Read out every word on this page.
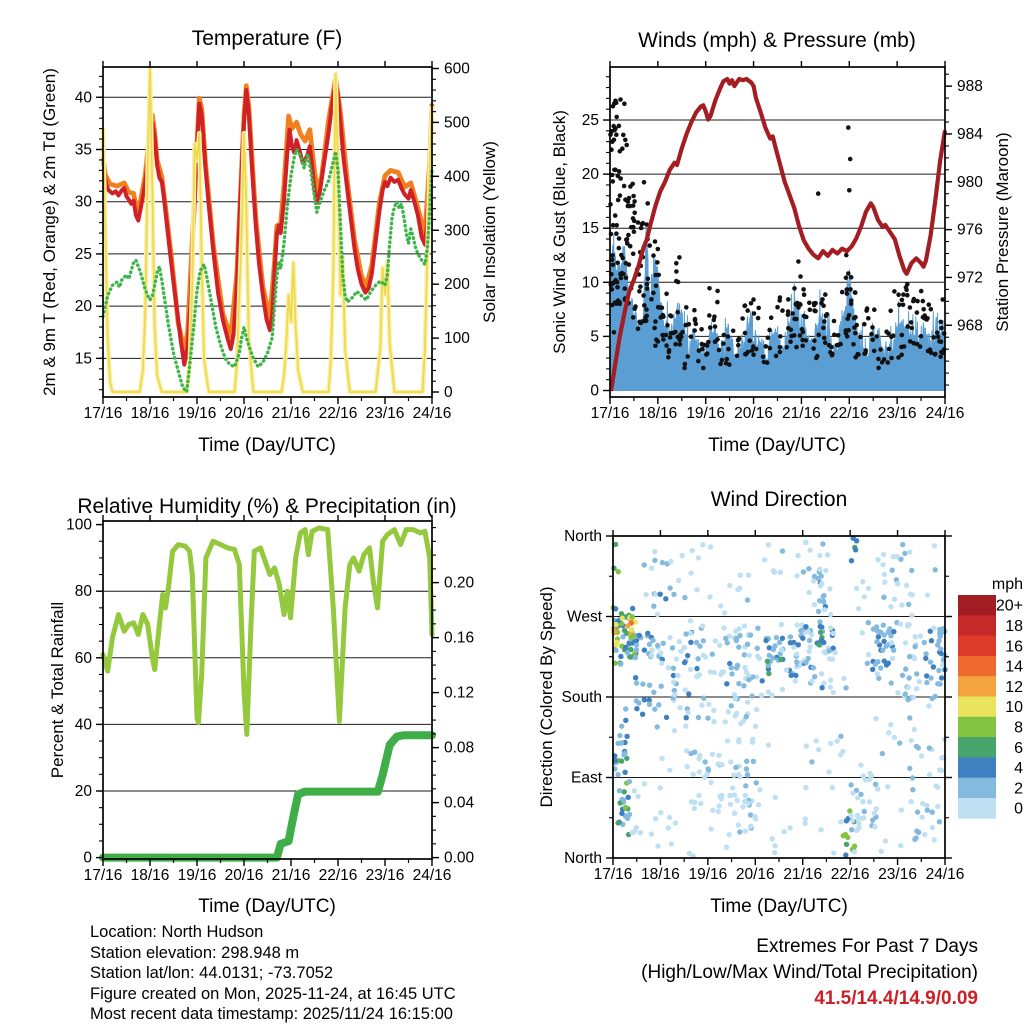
17/16 18/16 19/16 20/16 21/16 22/16 23/16 24/16
15
20
25
30
35
40
0
100
200
300
400
500
600
17/16 18/16 19/16 20/16 21/16 22/16 23/16 24/16
0
5
10
15
20
25
968
972
976
980
984
988
17/16 18/16 19/16 20/16 21/16 22/16 23/16 24/16
0
20
40
60
80
100
0.00
0.04
0.08
0.12
0.16
0.20
17/16 18/16 19/16 20/16 21/16 22/16 23/16 24/16
North
West
South
East
North
mph
20+
18
16
14
12
10
8
6
4
2
0
Temperature (F)	Winds (mph) & Pressure (mb)
Relative Humidity (%) & Precipitation (in)	Wind Direction
2m & 9m T (Red, Orange) & 2m Td (Green)	Solar Insolation (Yellow)	Sonic Wind & Gust (Blue, Black)	Station Pressure (Maroon)
Percent & Total Rainfall	Direction (Colored By Speed)
Time (Day/UTC)	Time (Day/UTC)
Time (Day/UTC)	Time (Day/UTC)
Location: North Hudson
Station elevation: 298.948 m
Station lat/lon: 44.0131; -73.7052
Figure created on Mon, 2025-11-24, at 16:45 UTC
Most recent data timestamp: 2025/11/24 16:15:00
Extremes For Past 7 Days
(High/Low/Max Wind/Total Precipitation)
41.5/14.4/14.9/0.09
